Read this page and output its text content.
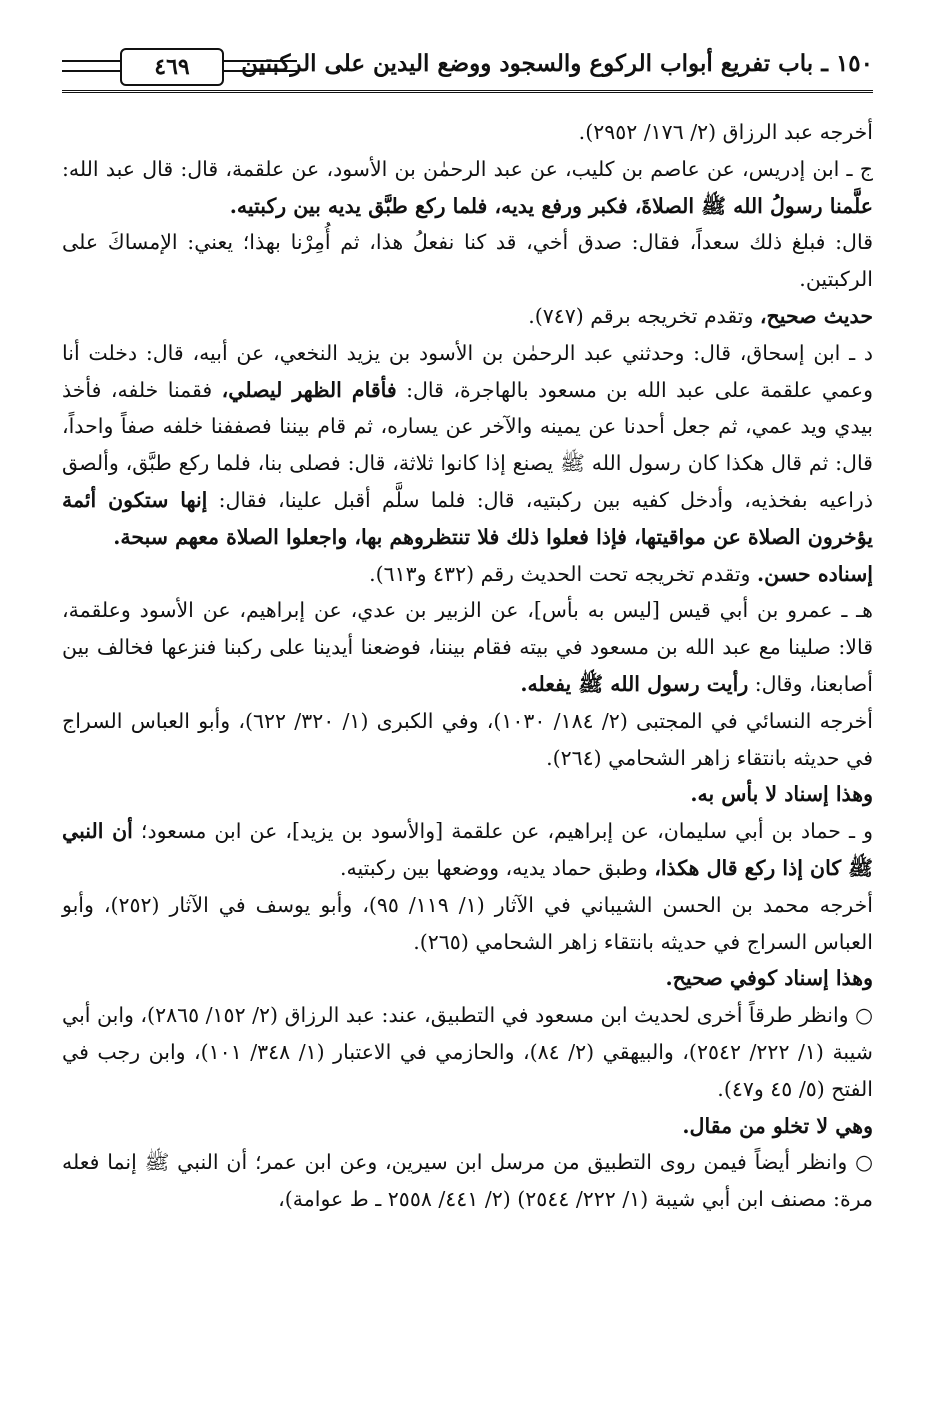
١٥٠ ـ باب تفريع أبواب الركوع والسجود ووضع اليدين على الركبتين
٤٦٩

أخرجه عبد الرزاق (٢/ ١٧٦/ ٢٩٥٢).

ج ـ ابن إدريس، عن عاصم بن كليب، عن عبد الرحمٰن بن الأسود، عن علقمة، قال: قال عبد الله: علَّمنا رسولُ الله ﷺ الصلاةَ، فكبر ورفع يديه، فلما ركع طبَّق يديه بين ركبتيه.

قال: فبلغ ذلك سعداً، فقال: صدق أخي، قد كنا نفعلُ هذا، ثم أُمِرْنا بهذا؛ يعني: الإمساكَ على الركبتين.

حديث صحيح، وتقدم تخريجه برقم (٧٤٧).

د ـ ابن إسحاق، قال: وحدثني عبد الرحمٰن بن الأسود بن يزيد النخعي، عن أبيه، قال: دخلت أنا وعمي علقمة على عبد الله بن مسعود بالهاجرة، قال: فأقام الظهر ليصلي، فقمنا خلفه، فأخذ بيدي ويد عمي، ثم جعل أحدنا عن يمينه والآخر عن يساره، ثم قام بيننا فصففنا خلفه صفاً واحداً، قال: ثم قال هكذا كان رسول الله ﷺ يصنع إذا كانوا ثلاثة، قال: فصلى بنا، فلما ركع طبَّق، وألصق ذراعيه بفخذيه، وأدخل كفيه بين ركبتيه، قال: فلما سلَّم أقبل علينا، فقال: إنها ستكون أئمة يؤخرون الصلاة عن مواقيتها، فإذا فعلوا ذلك فلا تنتظروهم بها، واجعلوا الصلاة معهم سبحة.

إسناده حسن. وتقدم تخريجه تحت الحديث رقم (٤٣٢ و٦١٣).

هـ ـ عمرو بن أبي قيس [ليس به بأس]، عن الزبير بن عدي، عن إبراهيم، عن الأسود وعلقمة، قالا: صلينا مع عبد الله بن مسعود في بيته فقام بيننا، فوضعنا أيدينا على ركبنا فنزعها فخالف بين أصابعنا، وقال: رأيت رسول الله ﷺ يفعله.

أخرجه النسائي في المجتبى (٢/ ١٨٤/ ١٠٣٠)، وفي الكبرى (١/ ٣٢٠/ ٦٢٢)، وأبو العباس السراج في حديثه بانتقاء زاهر الشحامي (٢٦٤).

وهذا إسناد لا بأس به.

و ـ حماد بن أبي سليمان، عن إبراهيم، عن علقمة [والأسود بن يزيد]، عن ابن مسعود؛ أن النبي ﷺ كان إذا ركع قال هكذا، وطبق حماد يديه، ووضعها بين ركبتيه.

أخرجه محمد بن الحسن الشيباني في الآثار (١/ ١١٩/ ٩٥)، وأبو يوسف في الآثار (٢٥٢)، وأبو العباس السراج في حديثه بانتقاء زاهر الشحامي (٢٦٥).

وهذا إسناد كوفي صحيح.

○ وانظر طرقاً أخرى لحديث ابن مسعود في التطبيق، عند: عبد الرزاق (٢/ ١٥٢/ ٢٨٦٥)، وابن أبي شيبة (١/ ٢٢٢/ ٢٥٤٢)، والبيهقي (٢/ ٨٤)، والحازمي في الاعتبار (١/ ٣٤٨/ ١٠١)، وابن رجب في الفتح (٥/ ٤٥ و٤٧).

وهي لا تخلو من مقال.

○ وانظر أيضاً فيمن روى التطبيق من مرسل ابن سيرين، وعن ابن عمر؛ أن النبي ﷺ إنما فعله مرة: مصنف ابن أبي شيبة (١/ ٢٢٢/ ٢٥٤٤) (٢/ ٤٤١/ ٢٥٥٨ ـ ط عوامة)،
